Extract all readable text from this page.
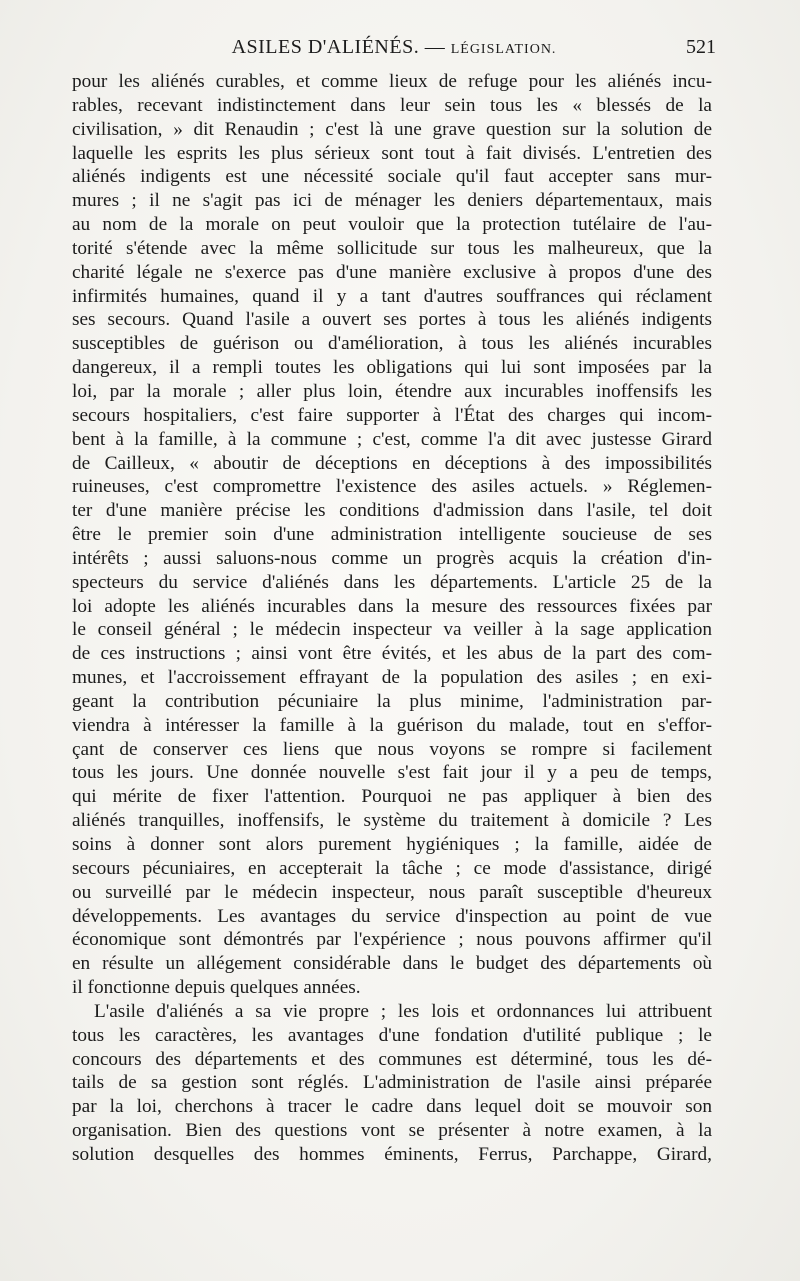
ASILES D'ALIÉNÉS. — LÉGISLATION.	521
pour les aliénés curables, et comme lieux de refuge pour les aliénés incu-
rables, recevant indistinctement dans leur sein tous les « blessés de la
civilisation, » dit Renaudin ; c'est là une grave question sur la solution de
laquelle les esprits les plus sérieux sont tout à fait divisés. L'entretien des
aliénés indigents est une nécessité sociale qu'il faut accepter sans mur-
mures ; il ne s'agit pas ici de ménager les deniers départementaux, mais
au nom de la morale on peut vouloir que la protection tutélaire de l'au-
torité s'étende avec la même sollicitude sur tous les malheureux, que la
charité légale ne s'exerce pas d'une manière exclusive à propos d'une des
infirmités humaines, quand il y a tant d'autres souffrances qui réclament
ses secours. Quand l'asile a ouvert ses portes à tous les aliénés indigents
susceptibles de guérison ou d'amélioration, à tous les aliénés incurables
dangereux, il a rempli toutes les obligations qui lui sont imposées par la
loi, par la morale ; aller plus loin, étendre aux incurables inoffensifs les
secours hospitaliers, c'est faire supporter à l'État des charges qui incom-
bent à la famille, à la commune ; c'est, comme l'a dit avec justesse Girard
de Cailleux, « aboutir de déceptions en déceptions à des impossibilités
ruineuses, c'est compromettre l'existence des asiles actuels. » Réglemen-
ter d'une manière précise les conditions d'admission dans l'asile, tel doit
être le premier soin d'une administration intelligente soucieuse de ses
intérêts ; aussi saluons-nous comme un progrès acquis la création d'in-
specteurs du service d'aliénés dans les départements. L'article 25 de la
loi adopte les aliénés incurables dans la mesure des ressources fixées par
le conseil général ; le médecin inspecteur va veiller à la sage application
de ces instructions ; ainsi vont être évités, et les abus de la part des com-
munes, et l'accroissement effrayant de la population des asiles ; en exi-
geant la contribution pécuniaire la plus minime, l'administration par-
viendra à intéresser la famille à la guérison du malade, tout en s'effor-
çant de conserver ces liens que nous voyons se rompre si facilement
tous les jours. Une donnée nouvelle s'est fait jour il y a peu de temps,
qui mérite de fixer l'attention. Pourquoi ne pas appliquer à bien des
aliénés tranquilles, inoffensifs, le système du traitement à domicile ? Les
soins à donner sont alors purement hygiéniques ; la famille, aidée de
secours pécuniaires, en accepterait la tâche ; ce mode d'assistance, dirigé
ou surveillé par le médecin inspecteur, nous paraît susceptible d'heureux
développements. Les avantages du service d'inspection au point de vue
économique sont démontrés par l'expérience ; nous pouvons affirmer qu'il
en résulte un allégement considérable dans le budget des départements où
il fonctionne depuis quelques années.
L'asile d'aliénés a sa vie propre ; les lois et ordonnances lui attribuent
tous les caractères, les avantages d'une fondation d'utilité publique ; le
concours des départements et des communes est déterminé, tous les dé-
tails de sa gestion sont réglés. L'administration de l'asile ainsi préparée
par la loi, cherchons à tracer le cadre dans lequel doit se mouvoir son
organisation. Bien des questions vont se présenter à notre examen, à la
solution desquelles des hommes éminents, Ferrus, Parchappe, Girard,
